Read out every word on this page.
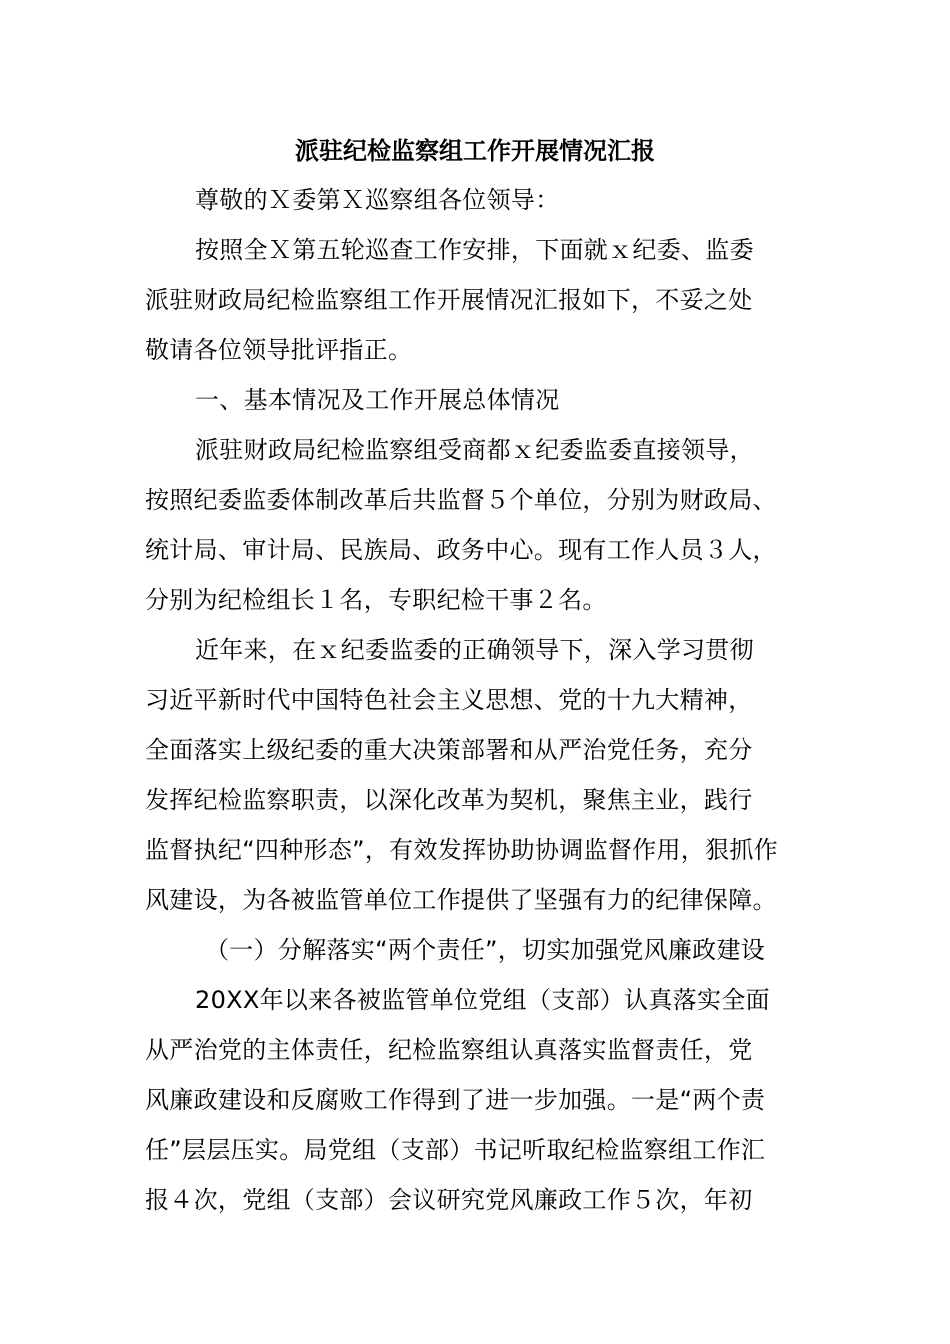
派驻纪检监察组工作开展情况汇报
尊敬的Ｘ委第Ｘ巡察组各位领导：
按照全Ｘ第五轮巡查工作安排，下面就ｘ纪委、监委
派驻财政局纪检监察组工作开展情况汇报如下，不妥之处
敬请各位领导批评指正。
一、基本情况及工作开展总体情况
派驻财政局纪检监察组受商都ｘ纪委监委直接领导，
按照纪委监委体制改革后共监督５个单位，分别为财政局、
统计局、审计局、民族局、政务中心。现有工作人员３人，
分别为纪检组长１名，专职纪检干事２名。
近年来，在ｘ纪委监委的正确领导下，深入学习贯彻
习近平新时代中国特色社会主义思想、党的十九大精神，
全面落实上级纪委的重大决策部署和从严治党任务，充分
发挥纪检监察职责，以深化改革为契机，聚焦主业，践行
监督执纪“四种形态”，有效发挥协助协调监督作用，狠抓作
风建设，为各被监管单位工作提供了坚强有力的纪律保障。
（一）分解落实“两个责任”，切实加强党风廉政建设
20XX年以来各被监管单位党组（支部）认真落实全面
从严治党的主体责任，纪检监察组认真落实监督责任，党
风廉政建设和反腐败工作得到了进一步加强。一是“两个责
任”层层压实。局党组（支部）书记听取纪检监察组工作汇
报４次，党组（支部）会议研究党风廉政工作５次，年初
